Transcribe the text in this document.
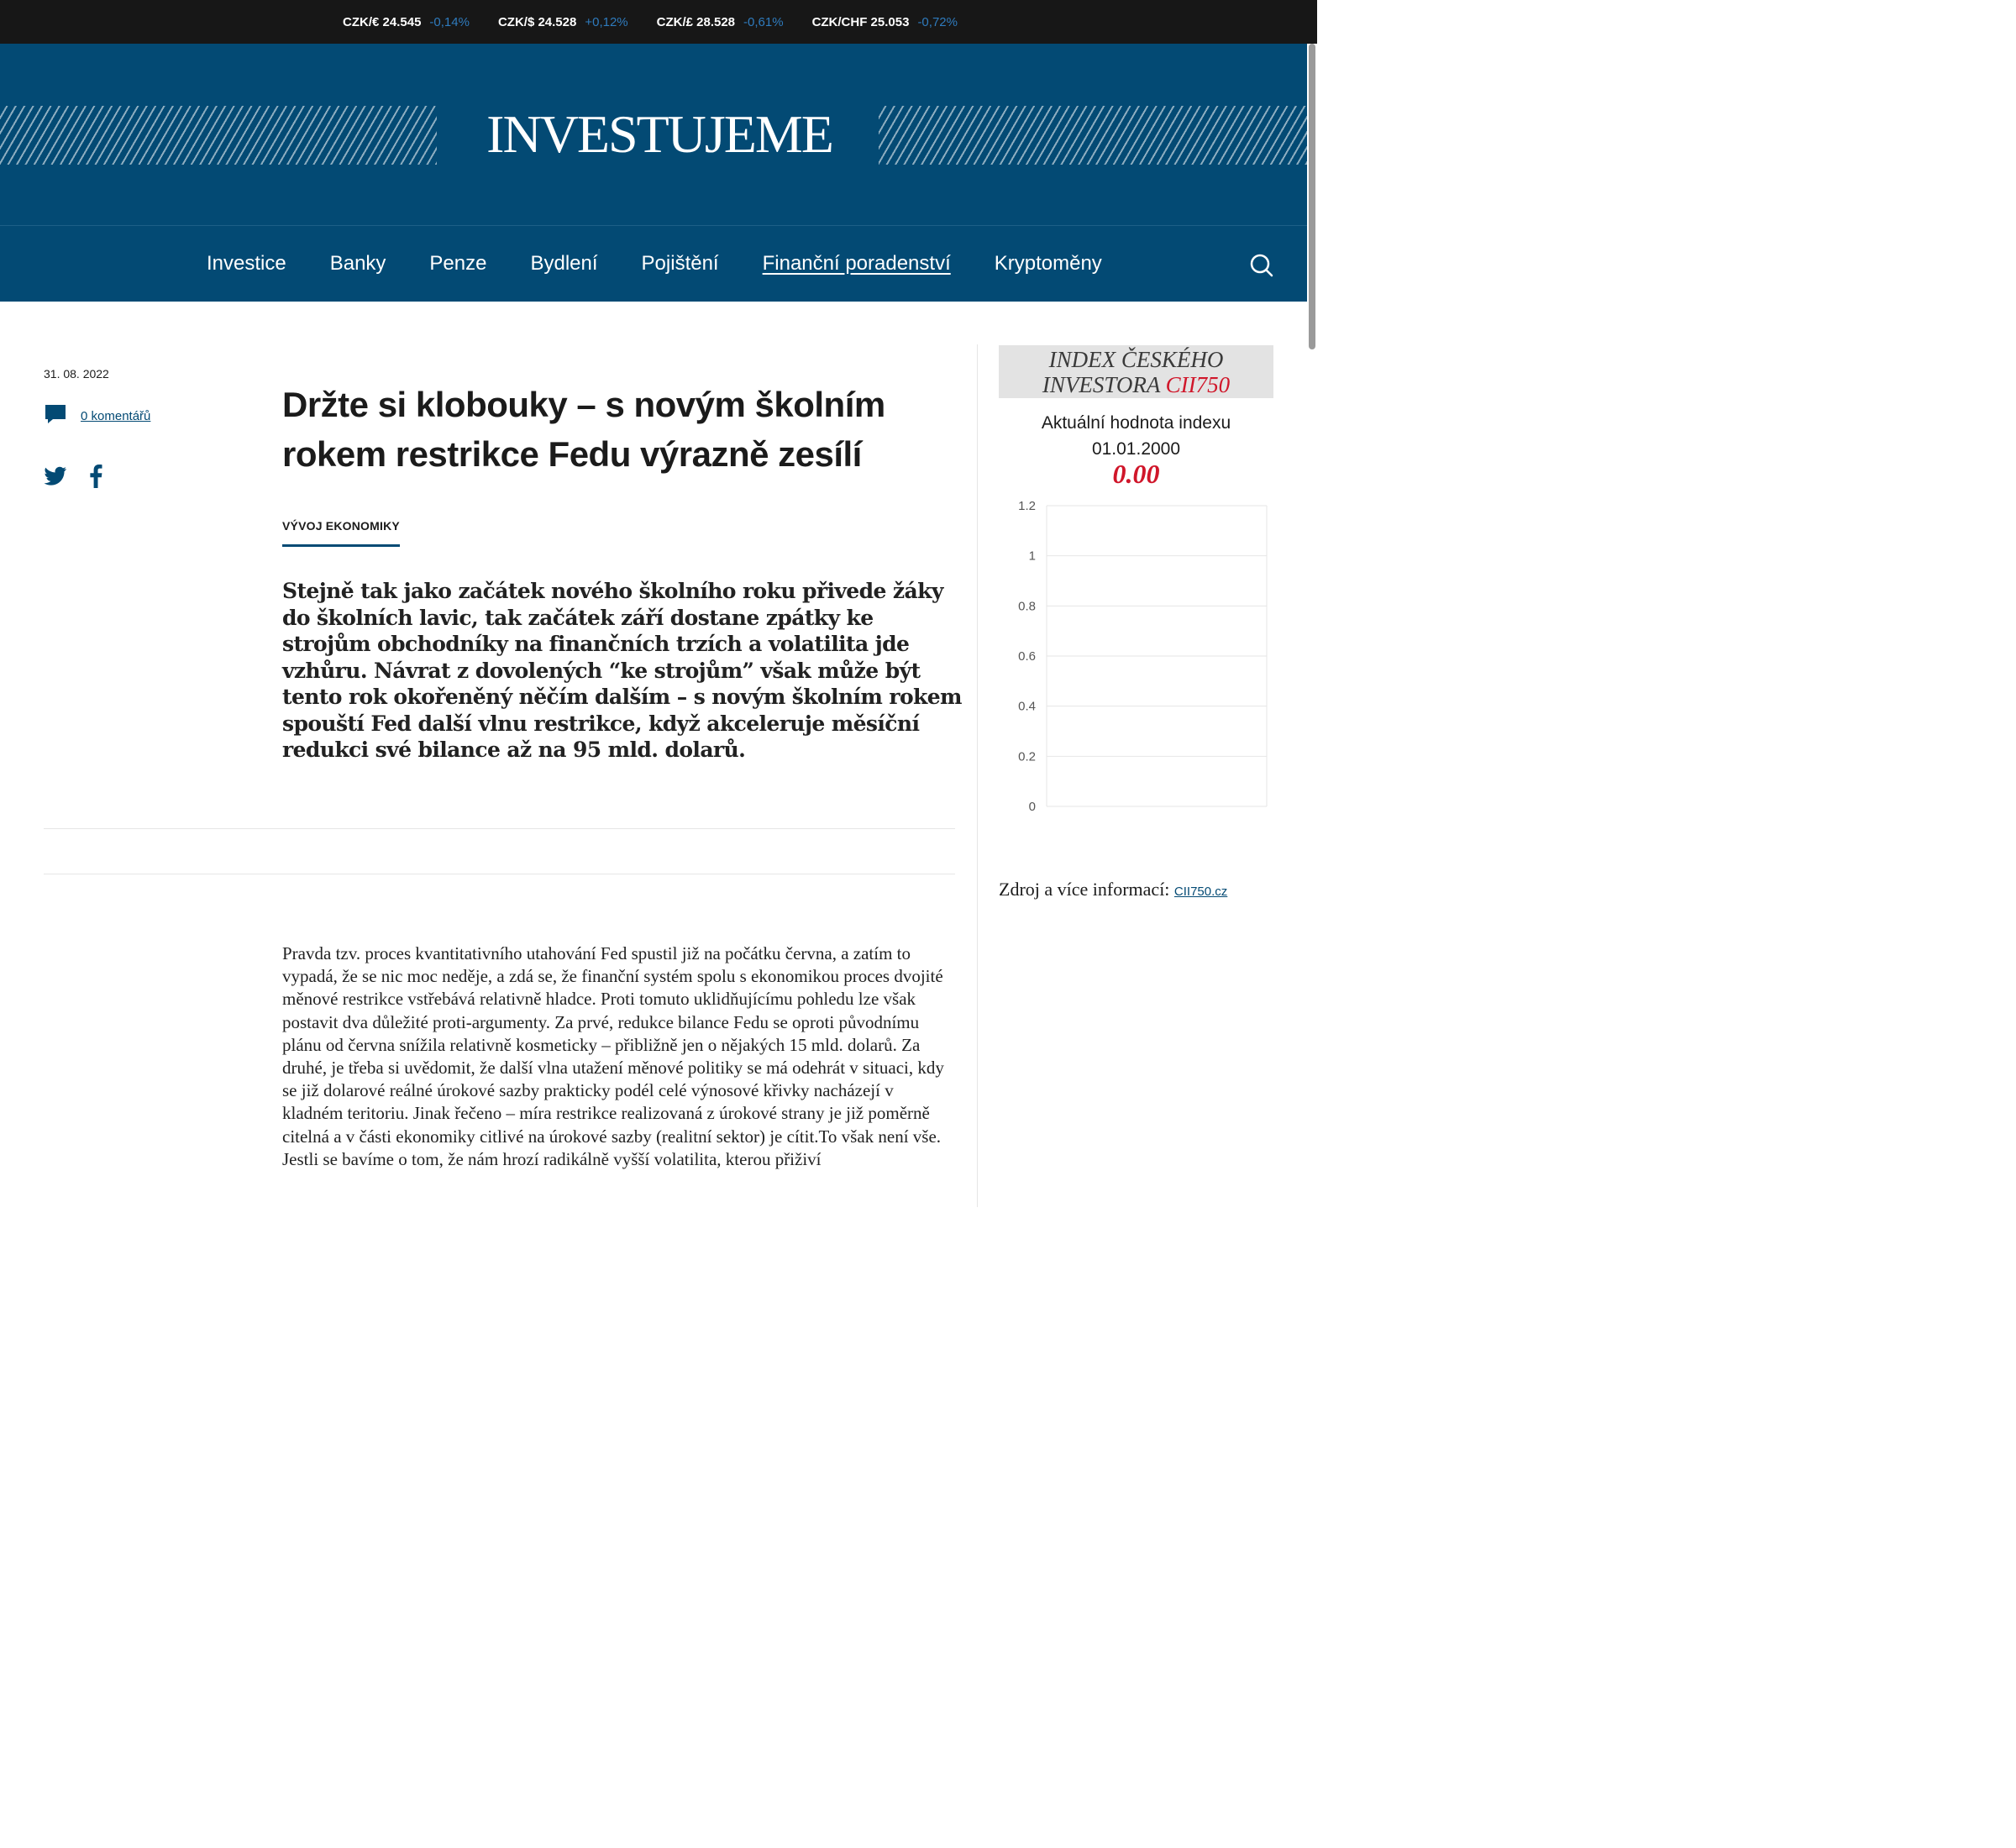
CZK/€ 24.545 -0,14% CZK/$ 24.528 +0,12% CZK/£ 28.528 -0,61% CZK/CHF 25.053 -0,72%
INVESTUJEME
Investice Banky Penze Bydlení Pojištění Finanční poradenství Kryptoměny
31. 08. 2022
0 komentářů	Držte si klobouky – s novým školním rokem restrikce Fedu výrazně zesílí
VÝVOJ EKONOMIKY

Stejně tak jako začátek nového školního roku přivede žáky do školních lavic, tak začátek září dostane zpátky ke strojům obchodníky na finančních trzích a volatilita jde vzhůru. Návrat z dovolených “ke strojům” však může být tento rok okořeněný něčím dalším – s novým školním rokem spouští Fed další vlnu restrikce, když akceleruje měsíční redukci své bilance až na 95 mld. dolarů.

Pravda tzv. proces kvantitativního utahování Fed spustil již na počátku června, a zatím to vypadá, že se nic moc neděje, a zdá se, že finanční systém spolu s ekonomikou proces dvojité měnové restrikce vstřebává relativně hladce. Proti tomuto uklidňujícímu pohledu lze však postavit dva důležité proti-argumenty. Za prvé, redukce bilance Fedu se oproti původnímu plánu od června snížila relativně kosmeticky – přibližně jen o nějakých 15 mld. dolarů. Za druhé, je třeba si uvědomit, že další vlna utažení měnové politiky se má odehrát v situaci, kdy se již dolarové reálné úrokové sazby prakticky podél celé výnosové křivky nacházejí v kladném teritoriu. Jinak řečeno – míra restrikce realizovaná z úrokové strany je již poměrně citelná a v části ekonomiky citlivé na úrokové sazby (realitní sektor) je cítit.To však není vše. Jestli se bavíme o tom, že nám hrozí radikálně vyšší volatilita, kterou přiživí

INDEX ČESKÉHO
INVESTORA CII750
Aktuální hodnota indexu
01.01.2000
0.00
1.2
1
0.8
0.6
0.4
0.2
0
Zdroj a více informací: CII750.cz
